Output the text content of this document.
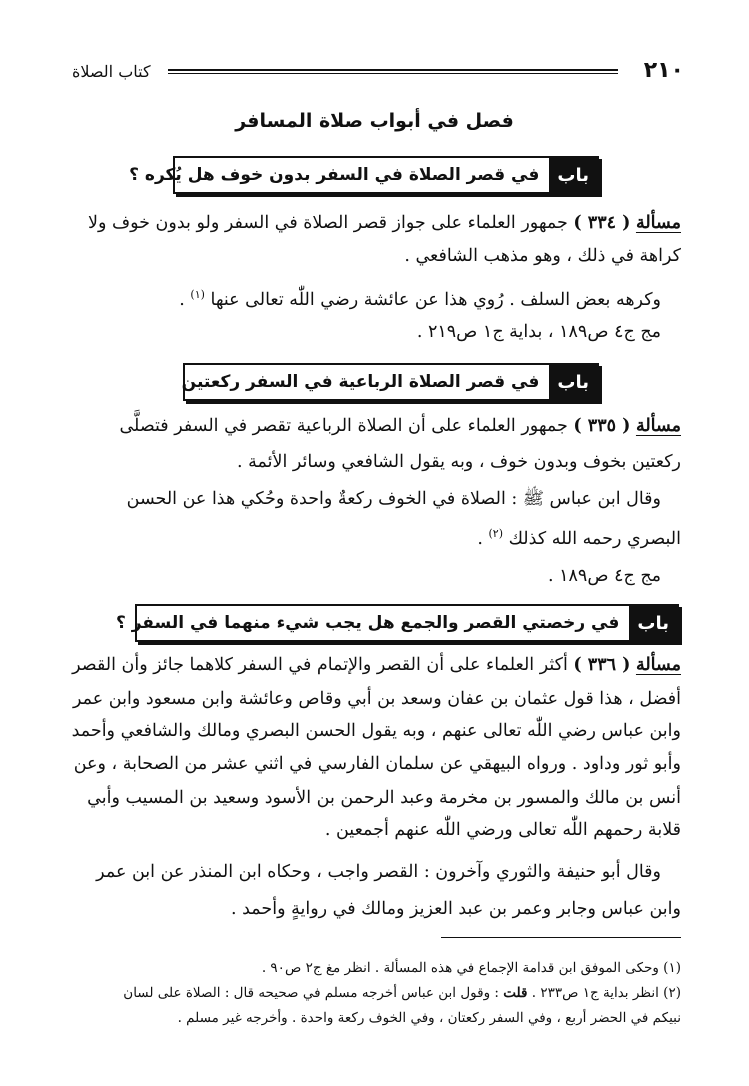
٢١٠
كتاب الصلاة
فصل في أبواب صلاة المسافر
باب
في قصر الصلاة في السفر بدون خوف هل يُكره ؟
مسألة ( ٣٣٤ ) جمهور العلماء على جواز قصر الصلاة في السفر ولو بدون خوف ولا
كراهة في ذلك ، وهو مذهب الشافعي .
وكرهه بعض السلف . رُوي هذا عن عائشة رضي اللّٰه تعالى عنها $^{(١)}$ .
مج ج٤ ص١٨٩ ، بداية ج١ ص٢١٩ .
باب
في قصر الصلاة الرباعية في السفر ركعتين
مسألة ( ٣٣٥ ) جمهور العلماء على أن الصلاة الرباعية تقصر في السفر فتصلَّى
ركعتين بخوف وبدون خوف ، وبه يقول الشافعي وسائر الأئمة .
وقال ابن عباس ﷺ : الصلاة في الخوف ركعةٌ واحدة وحُكي هذا عن الحسن
البصري رحمه الله كذلك $^{(٢)}$ .
مج ج٤ ص١٨٩ .
باب
في رخصتي القصر والجمع هل يجب شيء منهما في السفر ؟
مسألة ( ٣٣٦ ) أكثر العلماء على أن القصر والإتمام في السفر كلاهما جائز وأن القصر
أفضل ، هذا قول عثمان بن عفان وسعد بن أبي وقاص وعائشة وابن مسعود وابن عمر
وابن عباس رضي اللّٰه تعالى عنهم ، وبه يقول الحسن البصري ومالك والشافعي وأحمد
وأبو ثور وداود . ورواه البيهقي عن سلمان الفارسي في اثني عشر من الصحابة ، وعن
أنس بن مالك والمسور بن مخرمة وعبد الرحمن بن الأسود وسعيد بن المسيب وأبي
قلابة رحمهم اللّٰه تعالى ورضي اللّٰه عنهم أجمعين .
وقال أبو حنيفة والثوري وآخرون : القصر واجب ، وحكاه ابن المنذر عن ابن عمر
وابن عباس وجابر وعمر بن عبد العزيز ومالك في روايةٍ وأحمد .
(١) وحكى الموفق ابن قدامة الإجماع في هذه المسألة . انظر مغ ج٢ ص٩٠ .
(٢) انظر بداية ج١ ص٢٣٣ . قلت : وقول ابن عباس أخرجه مسلم في صحيحه قال : الصلاة على لسان
نبيكم في الحضر أربع ، وفي السفر ركعتان ، وفي الخوف ركعة واحدة . وأخرجه غير مسلم .
